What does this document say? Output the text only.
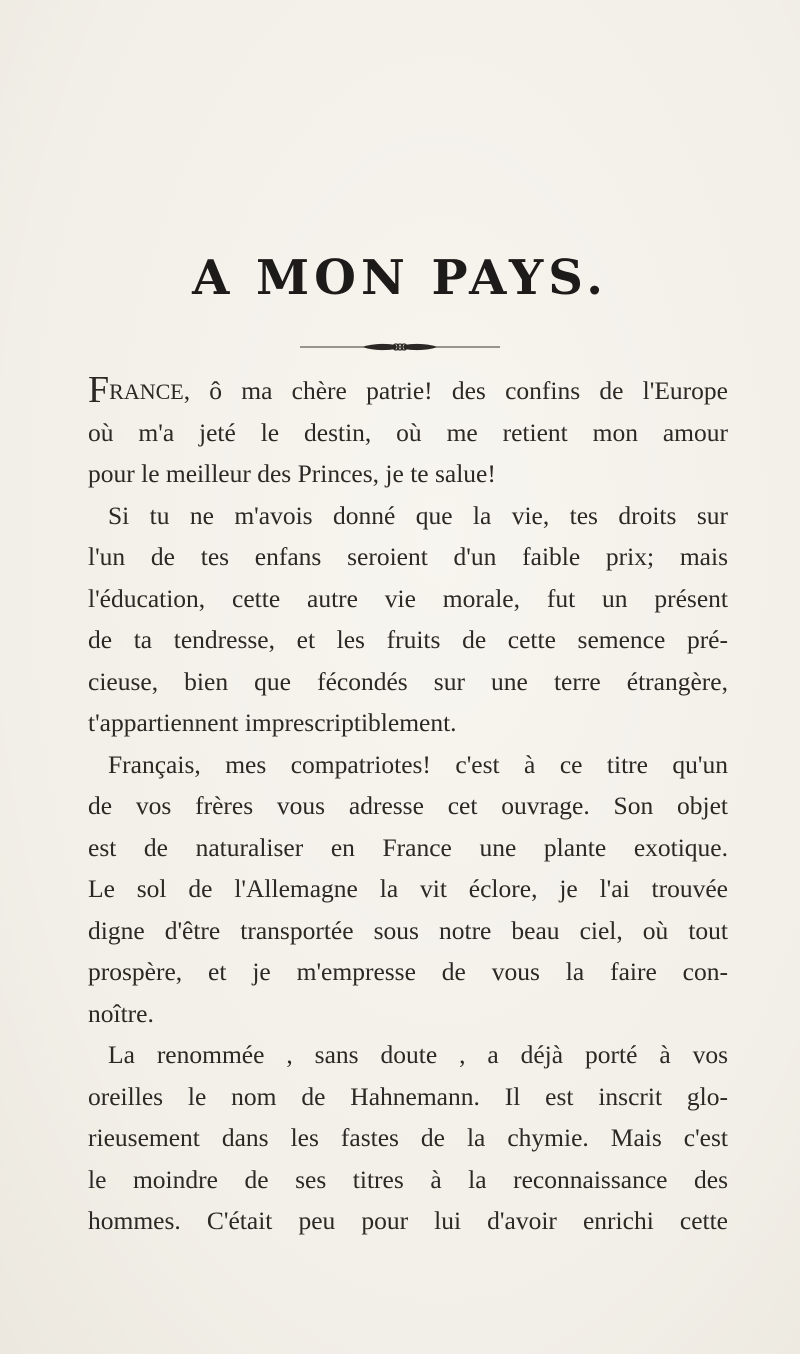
A MON PAYS.
FRANCE, ô ma chère patrie! des confins de l'Europe
où m'a jeté le destin, où me retient mon amour
pour le meilleur des Princes, je te salue!
Si tu ne m'avois donné que la vie, tes droits sur
l'un de tes enfans seroient d'un faible prix; mais
l'éducation, cette autre vie morale, fut un présent
de ta tendresse, et les fruits de cette semence pré-
cieuse, bien que fécondés sur une terre étrangère,
t'appartiennent imprescriptiblement.
Français, mes compatriotes! c'est à ce titre qu'un
de vos frères vous adresse cet ouvrage. Son objet
est de naturaliser en France une plante exotique.
Le sol de l'Allemagne la vit éclore, je l'ai trouvée
digne d'être transportée sous notre beau ciel, où tout
prospère, et je m'empresse de vous la faire con-
noître.
La renommée , sans doute , a déjà porté à vos
oreilles le nom de Hahnemann. Il est inscrit glo-
rieusement dans les fastes de la chymie. Mais c'est
le moindre de ses titres à la reconnaissance des
hommes. C'était peu pour lui d'avoir enrichi cette
